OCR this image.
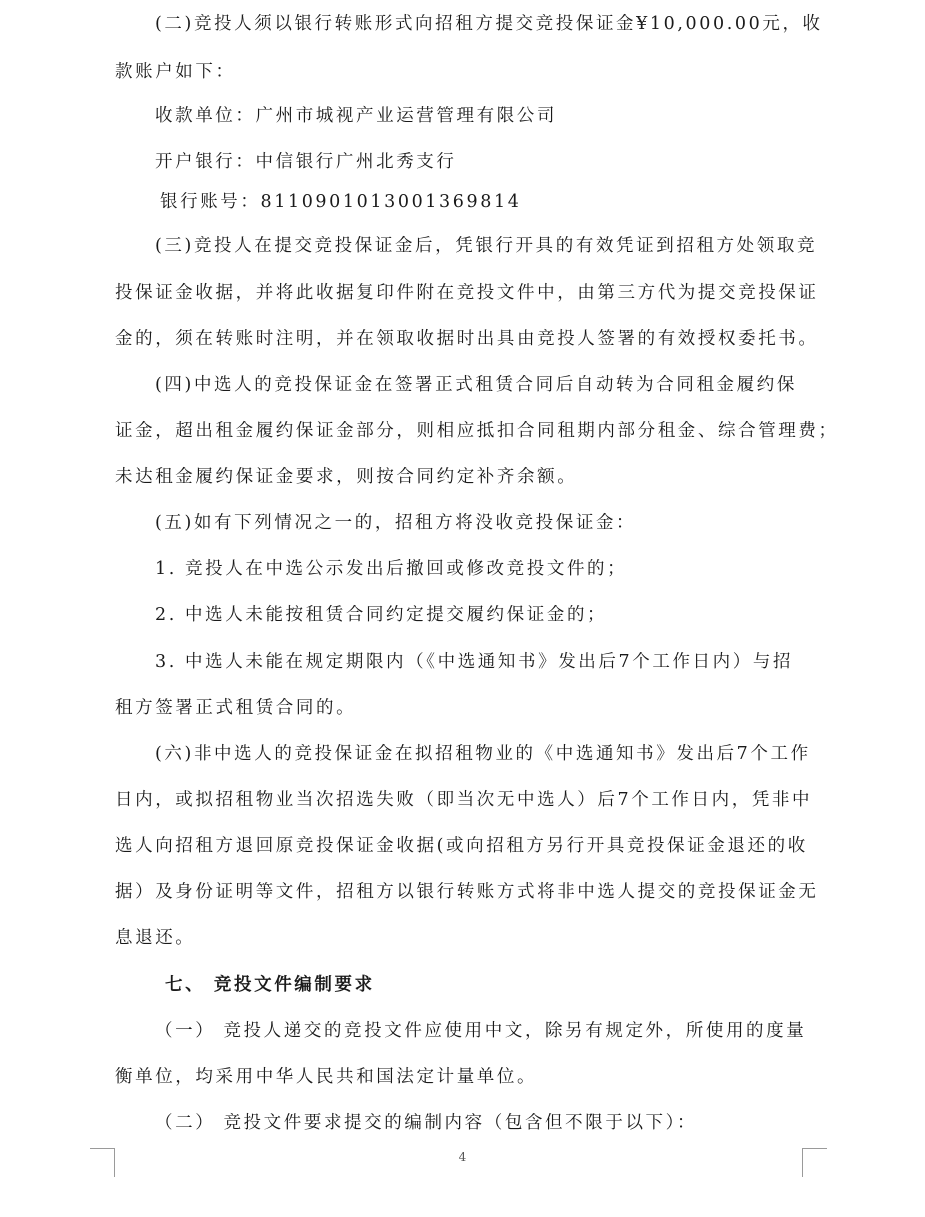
(二)竞投人须以银行转账形式向招租方提交竞投保证金¥10,000.00元，收
款账户如下：
收款单位：广州市城视产业运营管理有限公司
开户银行：中信银行广州北秀支行
银行账号：8110901013001369814
(三)竞投人在提交竞投保证金后，凭银行开具的有效凭证到招租方处领取竞
投保证金收据，并将此收据复印件附在竞投文件中，由第三方代为提交竞投保证
金的，须在转账时注明，并在领取收据时出具由竞投人签署的有效授权委托书。
(四)中选人的竞投保证金在签署正式租赁合同后自动转为合同租金履约保
证金，超出租金履约保证金部分，则相应抵扣合同租期内部分租金、综合管理费；
未达租金履约保证金要求，则按合同约定补齐余额。
(五)如有下列情况之一的，招租方将没收竞投保证金：
1. 竞投人在中选公示发出后撤回或修改竞投文件的；
2. 中选人未能按租赁合同约定提交履约保证金的；
3. 中选人未能在规定期限内（《中选通知书》发出后7个工作日内）与招
租方签署正式租赁合同的。
(六)非中选人的竞投保证金在拟招租物业的《中选通知书》发出后7个工作
日内，或拟招租物业当次招选失败（即当次无中选人）后7个工作日内，凭非中
选人向招租方退回原竞投保证金收据(或向招租方另行开具竞投保证金退还的收
据）及身份证明等文件，招租方以银行转账方式将非中选人提交的竞投保证金无
息退还。
七、 竞投文件编制要求
（一） 竞投人递交的竞投文件应使用中文，除另有规定外，所使用的度量
衡单位，均采用中华人民共和国法定计量单位。
（二） 竞投文件要求提交的编制内容（包含但不限于以下）：
4
